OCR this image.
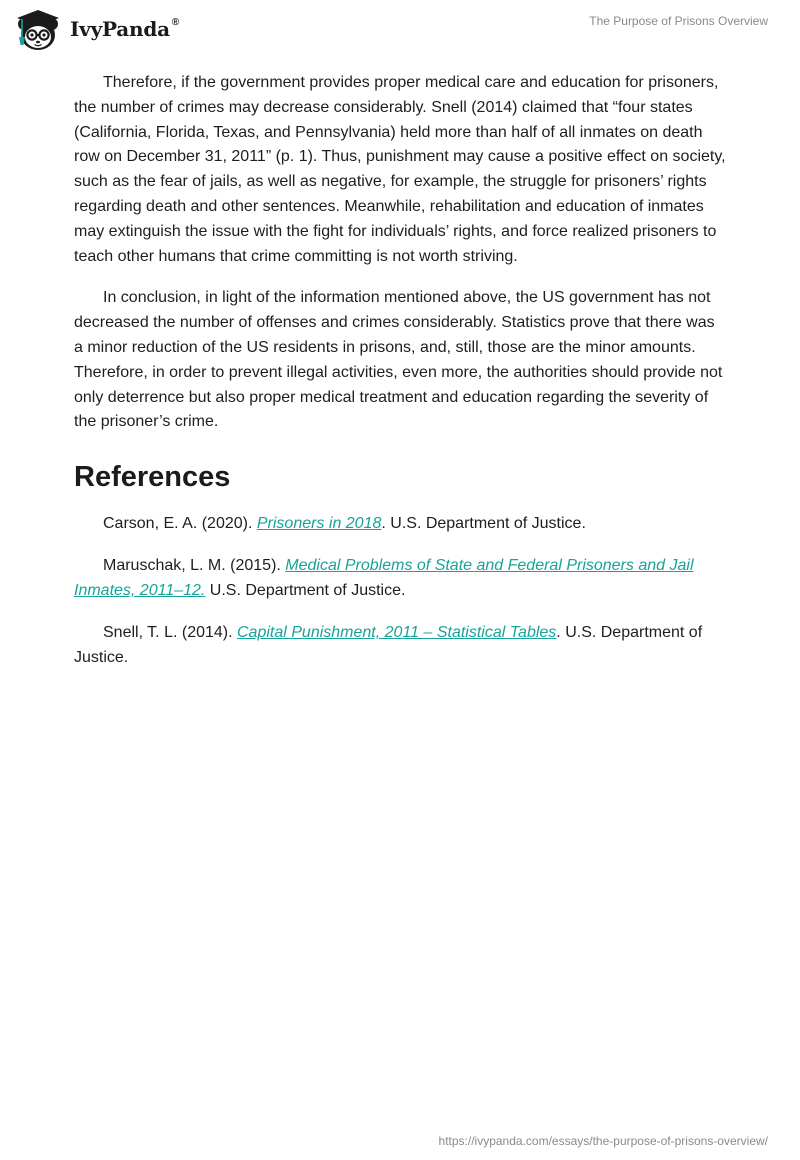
IvyPanda ®	The Purpose of Prisons Overview

Therefore, if the government provides proper medical care and education for prisoners, the number of crimes may decrease considerably. Snell (2014) claimed that “four states (California, Florida, Texas, and Pennsylvania) held more than half of all inmates on death row on December 31, 2011” (p. 1). Thus, punishment may cause a positive effect on society, such as the fear of jails, as well as negative, for example, the struggle for prisoners’ rights regarding death and other sentences. Meanwhile, rehabilitation and education of inmates may extinguish the issue with the fight for individuals’ rights, and force realized prisoners to teach other humans that crime committing is not worth striving.

In conclusion, in light of the information mentioned above, the US government has not decreased the number of offenses and crimes considerably. Statistics prove that there was a minor reduction of the US residents in prisons, and, still, those are the minor amounts. Therefore, in order to prevent illegal activities, even more, the authorities should provide not only deterrence but also proper medical treatment and education regarding the severity of the prisoner’s crime.

References

Carson, E. A. (2020). Prisoners in 2018. U.S. Department of Justice.

Maruschak, L. M. (2015). Medical Problems of State and Federal Prisoners and Jail Inmates, 2011–12. U.S. Department of Justice.

Snell, T. L. (2014). Capital Punishment, 2011 – Statistical Tables. U.S. Department of Justice.

https://ivypanda.com/essays/the-purpose-of-prisons-overview/
